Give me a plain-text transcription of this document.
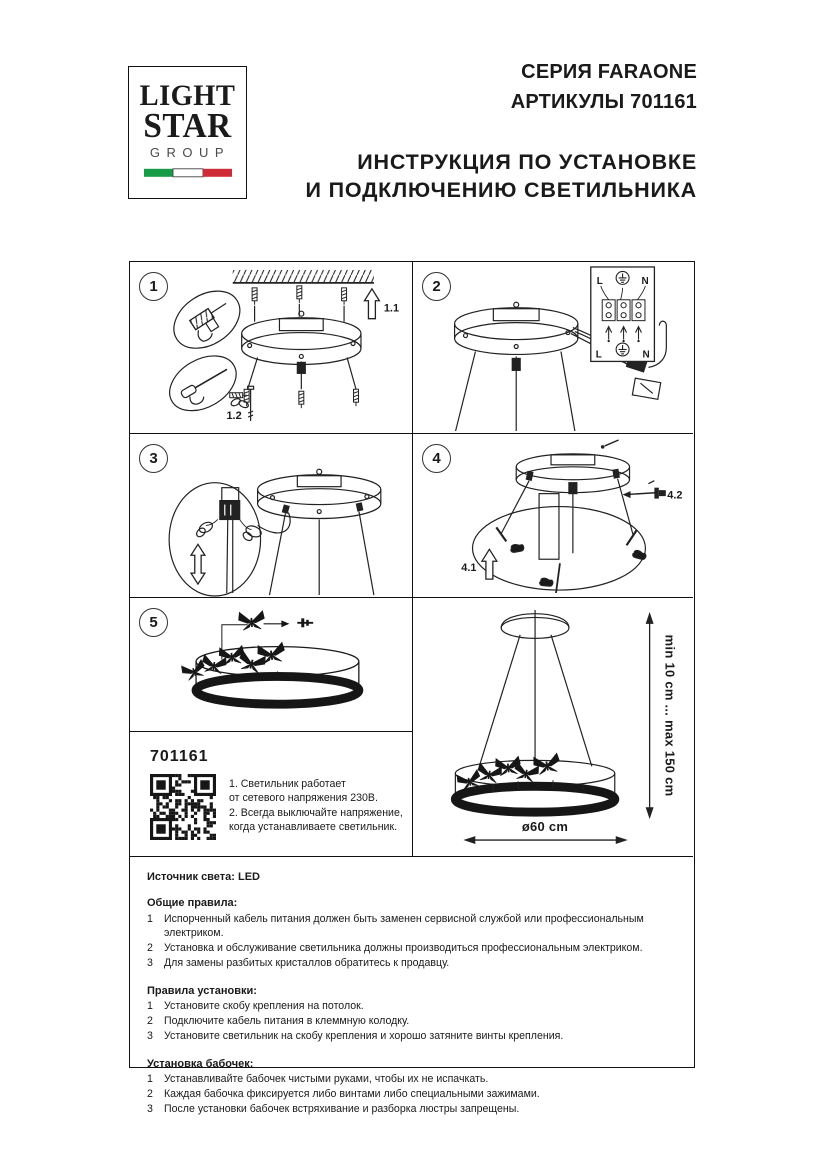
LIGHT
STAR
GROUP
СЕРИЯ FARAONE
АРТИКУЛЫ 701161
ИНСТРУКЦИЯ ПО УСТАНОВКЕ
И ПОДКЛЮЧЕНИЮ СВЕТИЛЬНИКА
1
1.1
1.2
2	L	N
L	N
3	4
4.1
4.2
5
701161
1. Светильник работает
от сетевого напряжения 230В.
2. Всегда выключайте напряжение,
когда устанавливаете светильник.
min 10 cm ... max 150 cm
ø60 cm
Источник света: LED
Общие правила:
1	Испорченный кабель питания должен быть заменен сервисной службой или профессиональным электриком.
2	Установка и обслуживание светильника должны производиться профессиональным электриком.
3	Для замены разбитых кристаллов обратитесь к продавцу.
Правила установки:
1	Установите скобу крепления на потолок.
2	Подключите кабель питания в клеммную колодку.
3	Установите светильник на скобу крепления и хорошо затяните винты крепления.
Установка бабочек:
1	Устанавливайте бабочек чистыми руками, чтобы их не испачкать.
2	Каждая бабочка фиксируется либо винтами либо специальными зажимами.
3	После установки бабочек встряхивание и разборка люстры запрещены.
